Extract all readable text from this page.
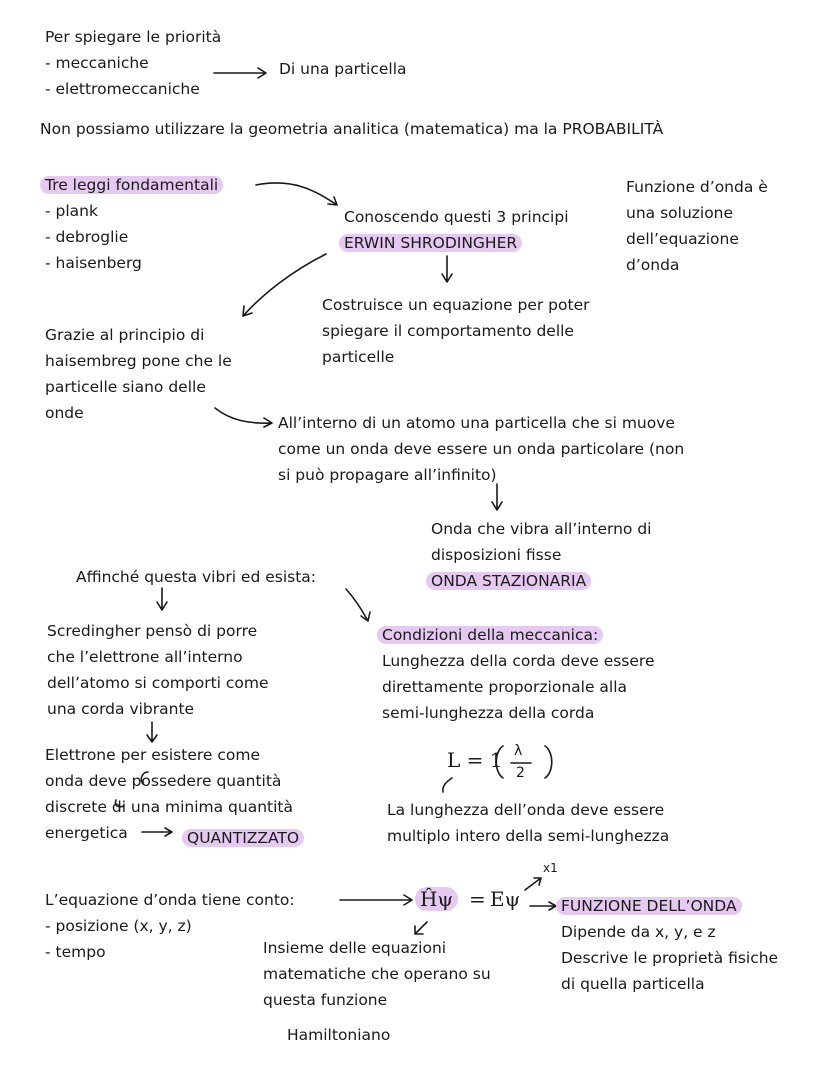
Per spiegare le priorità
- meccaniche
- elettromeccaniche
Di una particella
Non possiamo utilizzare la geometria analitica (matematica) ma la PROBABILITÀ
Tre leggi fondamentali
- plank
- debroglie
- haisenberg
Conoscendo questi 3 principi
ERWIN SHRODINGHER
Costruisce un equazione per poter
spiegare il comportamento delle
particelle
Funzione d’onda è
una soluzione
dell’equazione
d’onda
Grazie al principio di
haisembreg pone che le
particelle siano delle
onde
All’interno di un atomo una particella che si muove
come un onda deve essere un onda particolare (non
si può propagare all’infinito)
Onda che vibra all’interno di
disposizioni fisse
ONDA STAZIONARIA
Affinché questa vibri ed esista:
Scredingher pensò di porre
che l’elettrone all’interno
dell’atomo si comporti come
una corda vibrante
Condizioni della meccanica:
Lunghezza della corda deve essere
direttamente proporzionale alla
semi-lunghezza della corda
Elettrone per esistere come
onda deve possedere quantità
discrete di una minima quantità
energetica	QUANTIZZATO
L = 1 λ
2
La lunghezza dell’onda deve essere
multiplo intero della semi-lunghezza
L’equazione d’onda tiene conto:
- posizione (x, y, z)
- tempo
Ĥψ = Eψ
x1
FUNZIONE DELL’ONDA
Dipende da x, y, e z
Descrive le proprietà fisiche
di quella particella
Insieme delle equazioni
matematiche che operano su
questa funzione
Hamiltoniano
